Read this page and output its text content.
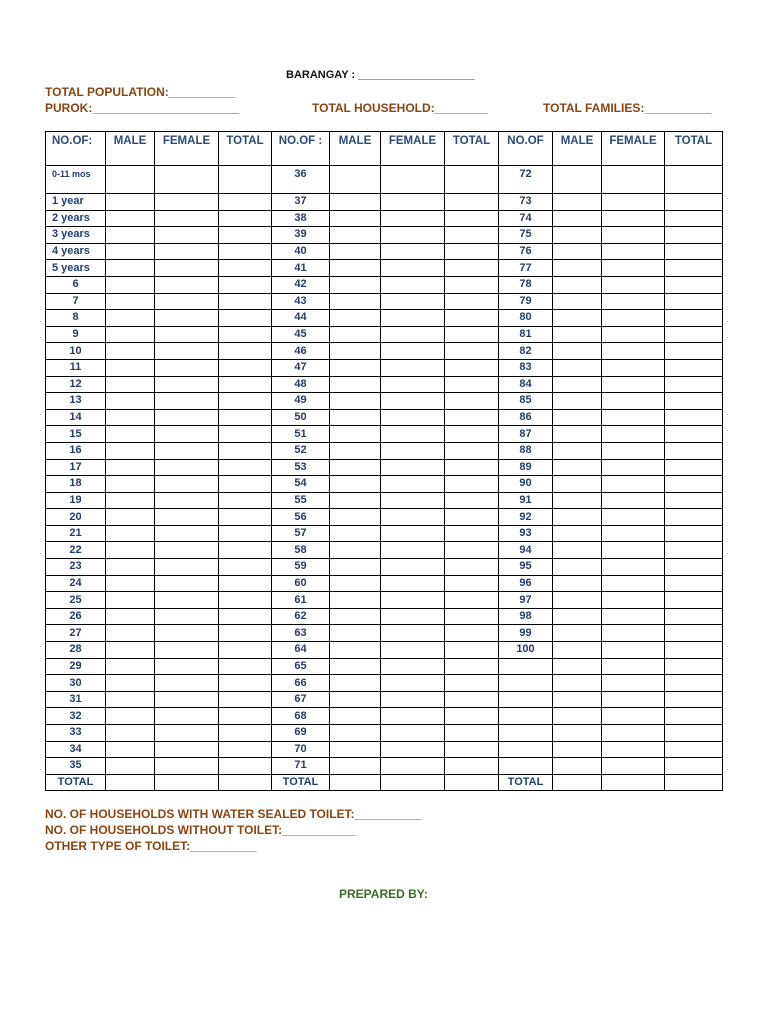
BARANGAY : ___________________
TOTAL POPULATION:__________
PUROK:______________________	TOTAL HOUSEHOLD:________	TOTAL FAMILIES:__________
NO.OF:	MALE	FEMALE	TOTAL	NO.OF :	MALE	FEMALE	TOTAL	NO.OF	MALE	FEMALE	TOTAL
0-11 mos				36				72			
1 year				37				73			
2 years				38				74			
3 years				39				75			
4 years				40				76			
5 years				41				77			
6				42				78			
7				43				79			
8				44				80			
9				45				81			
10				46				82			
11				47				83			
12				48				84			
13				49				85			
14				50				86			
15				51				87			
16				52				88			
17				53				89			
18				54				90			
19				55				91			
20				56				92			
21				57				93			
22				58				94			
23				59				95			
24				60				96			
25				61				97			
26				62				98			
27				63				99			
28				64				100			
29				65							
30				66							
31				67							
32				68							
33				69							
34				70							
35				71							
TOTAL				TOTAL				TOTAL			
NO. OF HOUSEHOLDS WITH WATER SEALED TOILET:__________
NO. OF HOUSEHOLDS WITHOUT TOILET:___________
OTHER TYPE OF TOILET:__________
PREPARED BY:
